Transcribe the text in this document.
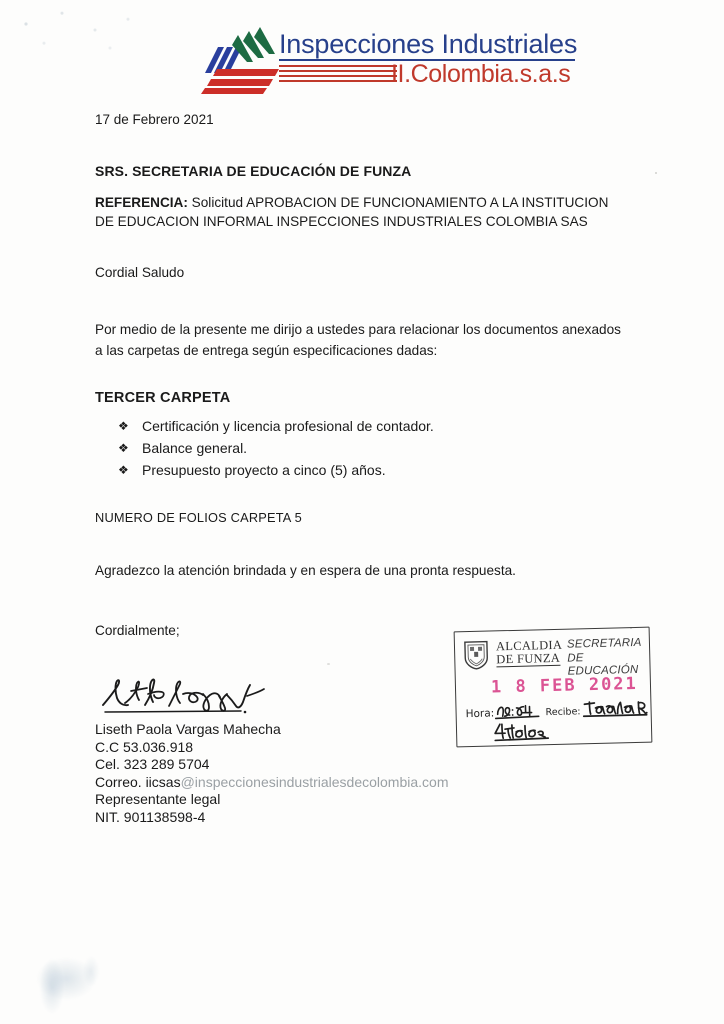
Inspecciones Industriales
II.Colombia.s.a.s
17 de Febrero 2021
SRS. SECRETARIA DE EDUCACIÓN DE FUNZA
REFERENCIA: Solicitud APROBACION DE FUNCIONAMIENTO A LA INSTITUCION DE EDUCACION INFORMAL INSPECCIONES INDUSTRIALES COLOMBIA SAS
Cordial Saludo
Por medio de la presente me dirijo a ustedes para relacionar los documentos anexados a las carpetas de entrega según especificaciones dadas:
TERCER CARPETA
❖ Certificación y licencia profesional de contador.
❖ Balance general.
❖ Presupuesto proyecto a cinco (5) años.
NUMERO DE FOLIOS CARPETA 5
Agradezco la atención brindada y en espera de una pronta respuesta.
Cordialmente;
Liseth Paola Vargas Mahecha
C.C 53.036.918
Cel. 323 289 5704
Correo. iicsas@inspeccionesindustrialesdecolombia.com
Representante legal
NIT. 901138598-4
ALCALDIA
DE FUNZA
SECRETARIA DE
EDUCACIÓN
1 8 FEB 2021
Hora:	Recibe:
